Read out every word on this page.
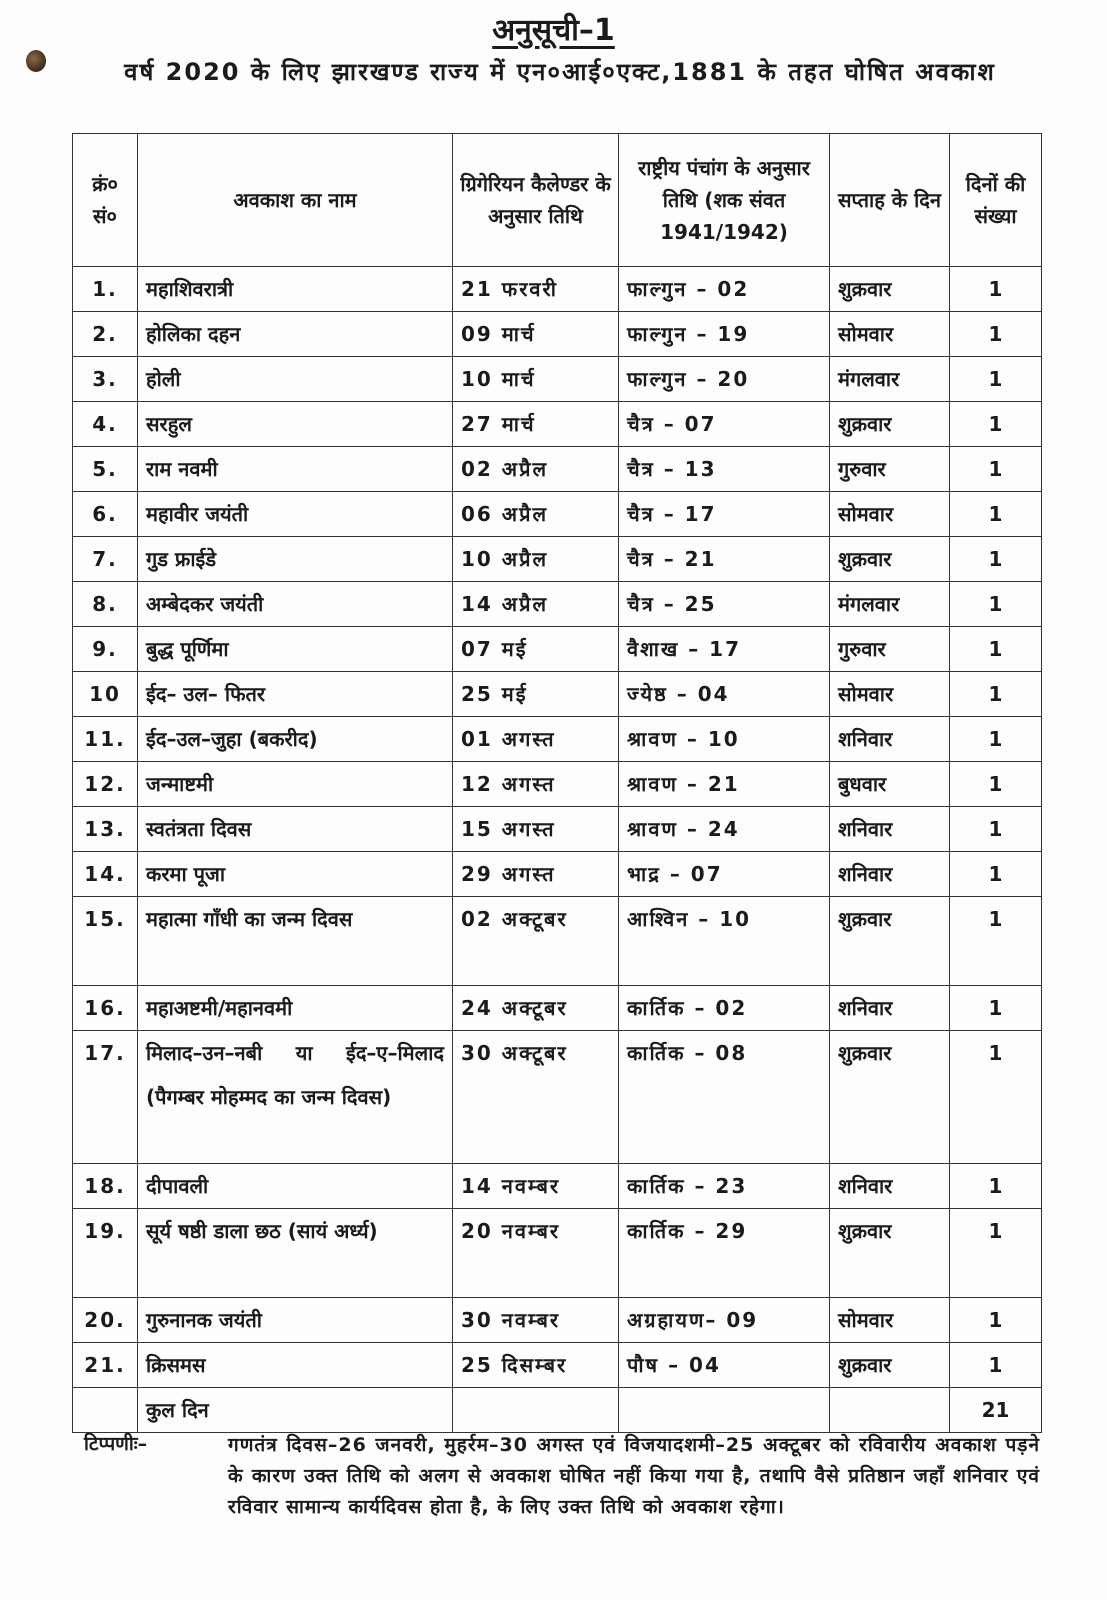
अनुसूची–1
वर्ष 2020 के लिए झारखण्ड राज्य में एन०आई०एक्ट,1881 के तहत घोषित अवकाश
क्रं० सं०	अवकाश का नाम	ग्रिगेरियन कैलेण्डर के अनुसार तिथि	राष्ट्रीय पंचांग के अनुसार तिथि (शक संवत 1941/1942)	सप्ताह के दिन	दिनों की संख्या
1.	महाशिवरात्री	21 फरवरी	फाल्गुन – 02	शुक्रवार	1
2.	होलिका दहन	09 मार्च	फाल्गुन – 19	सोमवार	1
3.	होली	10 मार्च	फाल्गुन – 20	मंगलवार	1
4.	सरहुल	27 मार्च	चैत्र – 07	शुक्रवार	1
5.	राम नवमी	02 अप्रैल	चैत्र – 13	गुरुवार	1
6.	महावीर जयंती	06 अप्रैल	चैत्र – 17	सोमवार	1
7.	गुड फ्राईडे	10 अप्रैल	चैत्र – 21	शुक्रवार	1
8.	अम्बेदकर जयंती	14 अप्रैल	चैत्र – 25	मंगलवार	1
9.	बुद्ध पूर्णिमा	07 मई	वैशाख – 17	गुरुवार	1
10	ईद– उल– फितर	25 मई	ज्येष्ठ – 04	सोमवार	1
11.	ईद–उल–जुहा (बकरीद)	01 अगस्त	श्रावण – 10	शनिवार	1
12.	जन्माष्टमी	12 अगस्त	श्रावण – 21	बुधवार	1
13.	स्वतंत्रता दिवस	15 अगस्त	श्रावण – 24	शनिवार	1
14.	करमा पूजा	29 अगस्त	भाद्र – 07	शनिवार	1
15.	महात्मा गाँधी का जन्म दिवस	02 अक्टूबर	आश्विन – 10	शुक्रवार	1
16.	महाअष्टमी/महानवमी	24 अक्टूबर	कार्तिक – 02	शनिवार	1
17.	मिलाद–उन–नबी या ईद–ए–मिलाद (पैगम्बर मोहम्मद का जन्म दिवस)	30 अक्टूबर	कार्तिक – 08	शुक्रवार	1
18.	दीपावली	14 नवम्बर	कार्तिक – 23	शनिवार	1
19.	सूर्य षष्ठी डाला छठ (सायं अर्ध्य)	20 नवम्बर	कार्तिक – 29	शुक्रवार	1
20.	गुरुनानक जयंती	30 नवम्बर	अग्रहायण– 09	सोमवार	1
21.	क्रिसमस	25 दिसम्बर	पौष – 04	शुक्रवार	1
	कुल दिन				21
टिप्पणीः–	गणतंत्र दिवस–26 जनवरी, मुहर्रम–30 अगस्त एवं विजयादशमी–25 अक्टूबर को रविवारीय अवकाश पड़ने के कारण उक्त तिथि को अलग से अवकाश घोषित नहीं किया गया है, तथापि वैसे प्रतिष्ठान जहाँ शनिवार एवं रविवार सामान्य कार्यदिवस होता है, के लिए उक्त तिथि को अवकाश रहेगा।
